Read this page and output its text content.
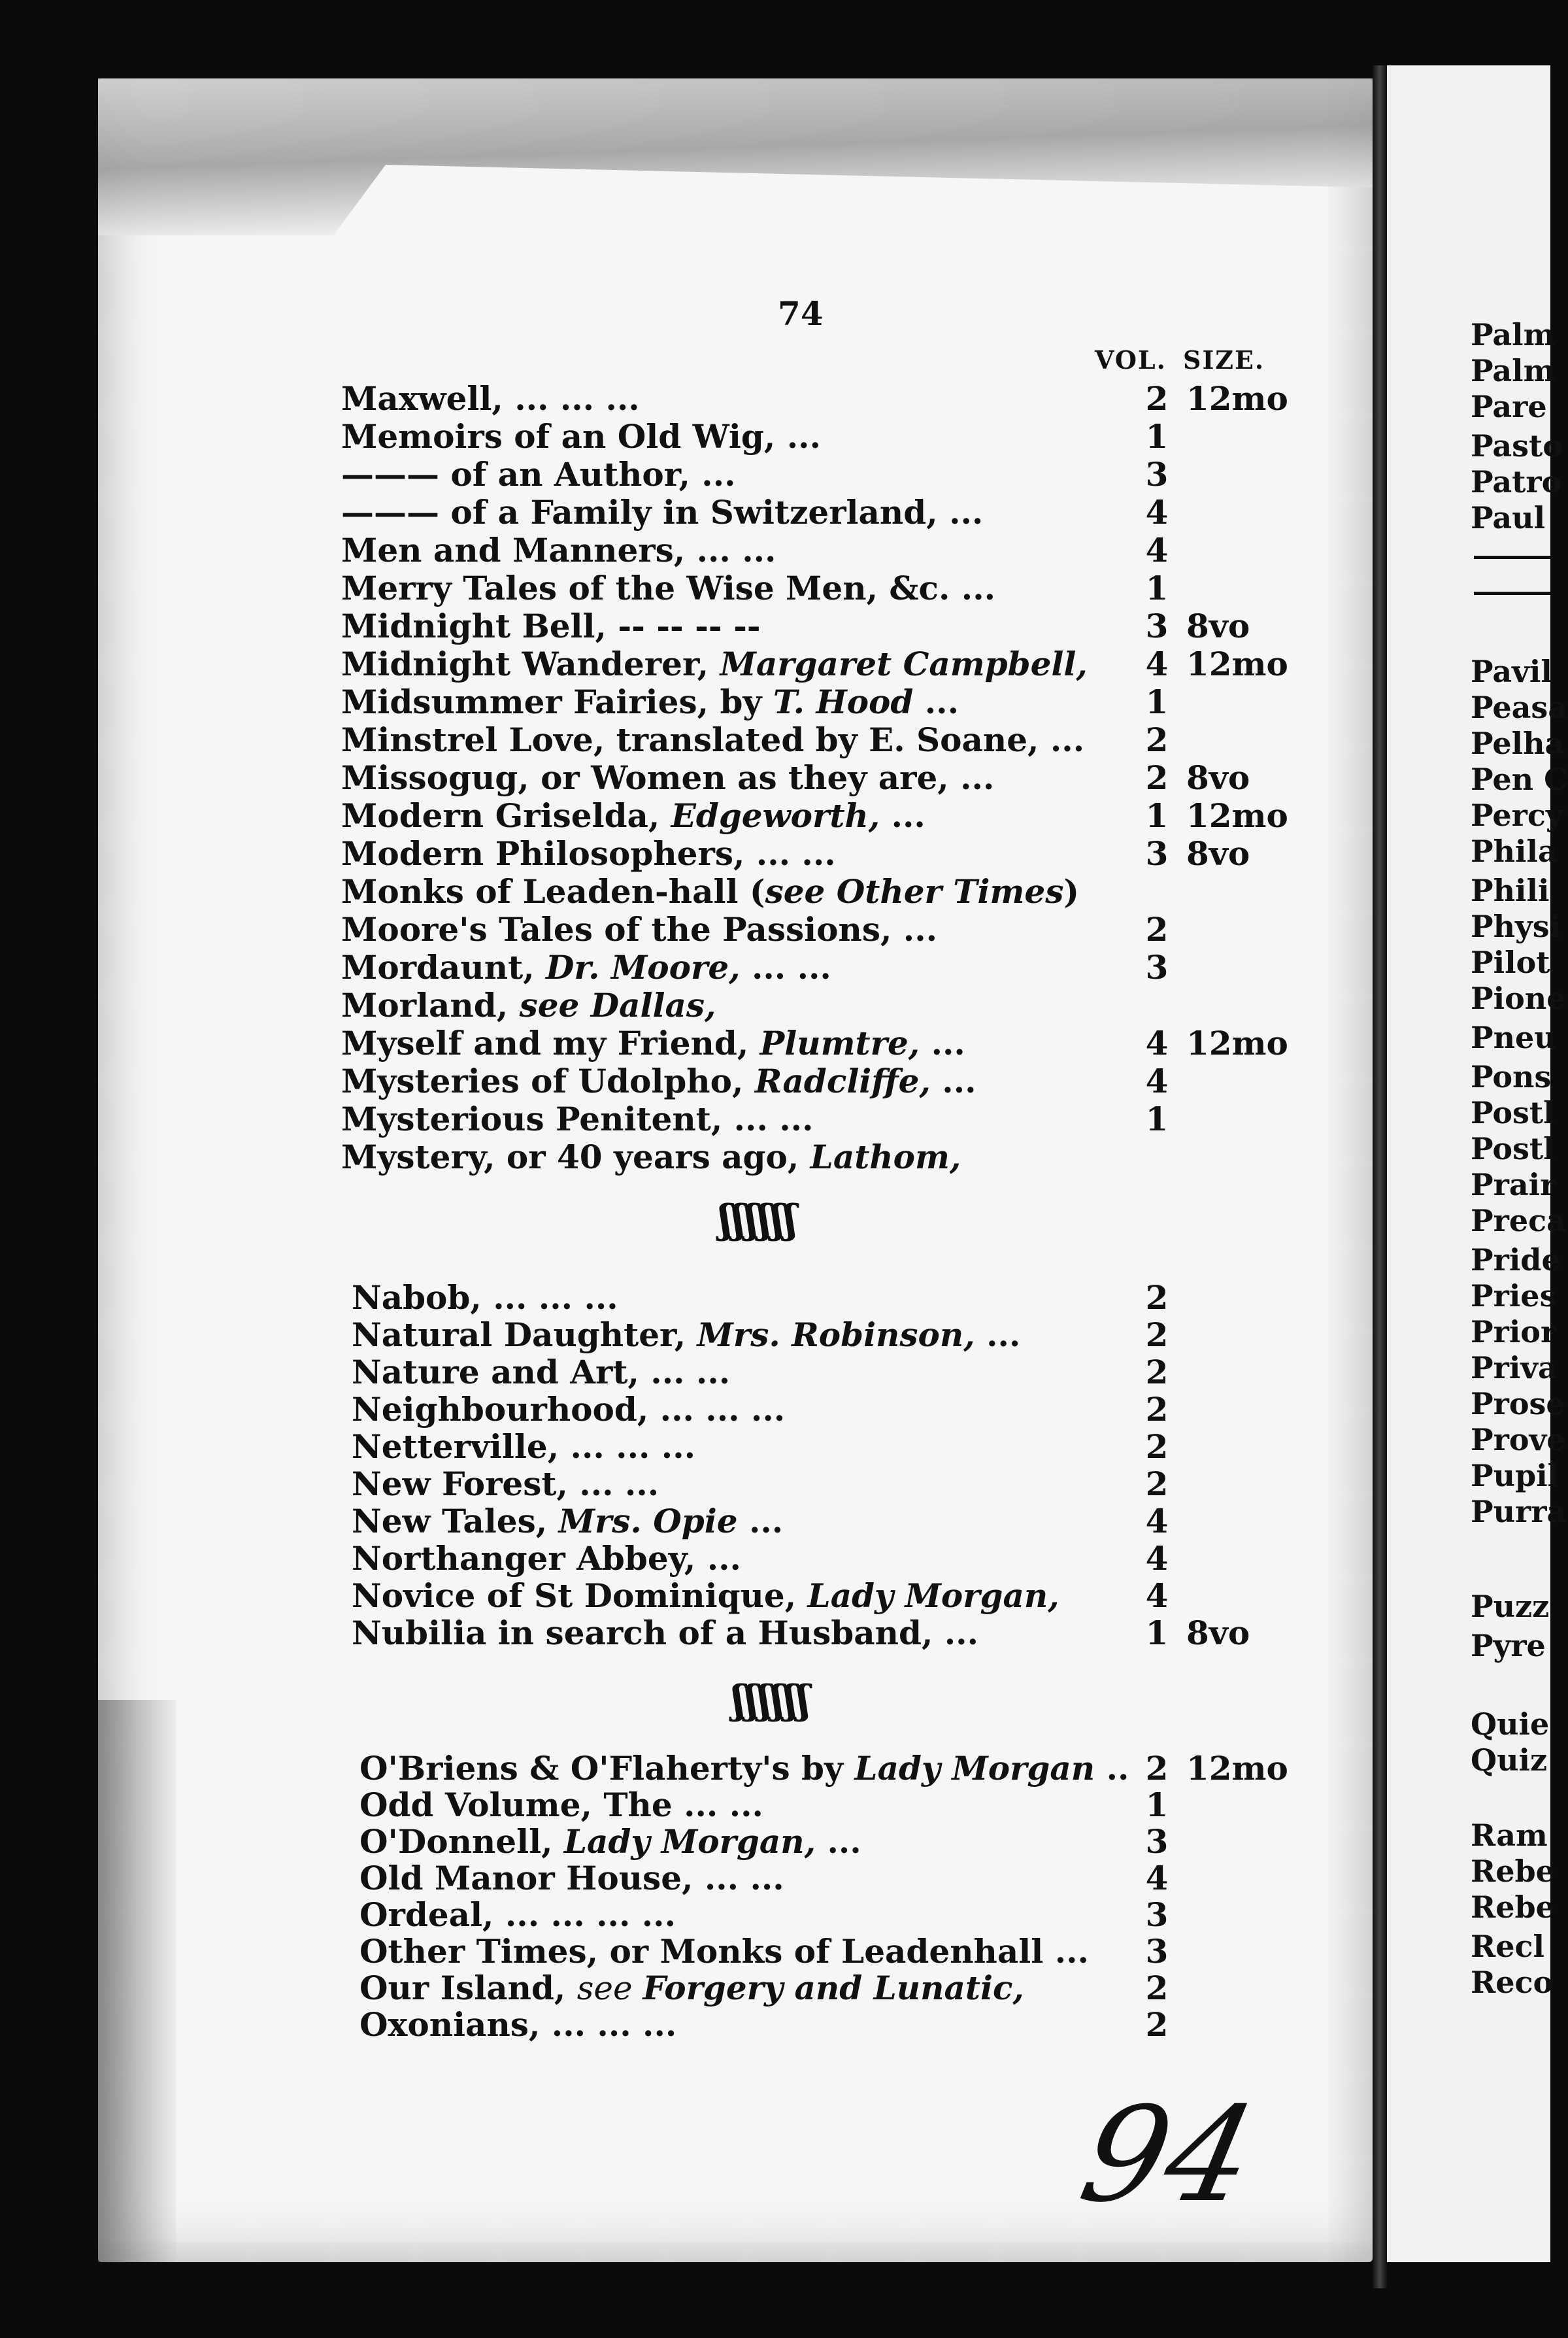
74
VOL. SIZE.
Maxwell, ... ... ...	2 12mo
Memoirs of an Old Wig, ...	1
——— of an Author, ...	3
——— of a Family in Switzerland, ...	4
Men and Manners, ... ...	4
Merry Tales of the Wise Men, &c. ...	1
Midnight Bell, -- -- -- --	3 8vo
Midnight Wanderer, Margaret Campbell, 4 12mo
Midsummer Fairies, by T. Hood ...	1
Minstrel Love, translated by E. Soane, ... 2
Missogug, or Women as they are, ...	2 8vo
Modern Griselda, Edgeworth, ...	1 12mo
Modern Philosophers, ... ...	3 8vo
Monks of Leaden-hall (see Other Times)
Moore's Tales of the Passions, ...	2
Mordaunt, Dr. Moore, ... ...	3
Morland, see Dallas,
Myself and my Friend, Plumtre, ...	4 12mo
Mysteries of Udolpho, Radcliffe, ...	4
Mysterious Penitent, ... ...	1
Mystery, or 40 years ago, Lathom,
ʃʃʃʃʃʃ
Nabob, ... ... ...	2
Natural Daughter, Mrs. Robinson, ...	2
Nature and Art, ... ...	2
Neighbourhood, ... ... ...	2
Netterville, ... ... ...	2
New Forest, ... ...	2
New Tales, Mrs. Opie ...	4
Northanger Abbey, ...	4
Novice of St Dominique, Lady Morgan,	4
Nubilia in search of a Husband, ...	1 8vo
ʃʃʃʃʃʃ
O'Briens & O'Flaherty's by Lady Morgan .. 2 12mo
Odd Volume, The ... ...	1
O'Donnell, Lady Morgan, ...	3
Old Manor House, ... ...	4
Ordeal, ... ... ... ...	3
Other Times, or Monks of Leadenhall ... 3
Our Island, see Forgery and Lunatic,	2
Oxonians, ... ... ...	2
Palm
Palm
Pare
Pasto
Patro
Paul
Pavil
Peasa
Pelha
Pen C
Percy
Phila
Phili
Physi
Pilot
Pione
Pneu
Pons
Postl
Postl
Prair
Preca
Pride
Pries
Prior
Priva
Prose
Prove
Pupil
Purra
Puzz
Pyre
Quie
Quiz
Ram
Rebe
Rebe
Recl
Reco
94
